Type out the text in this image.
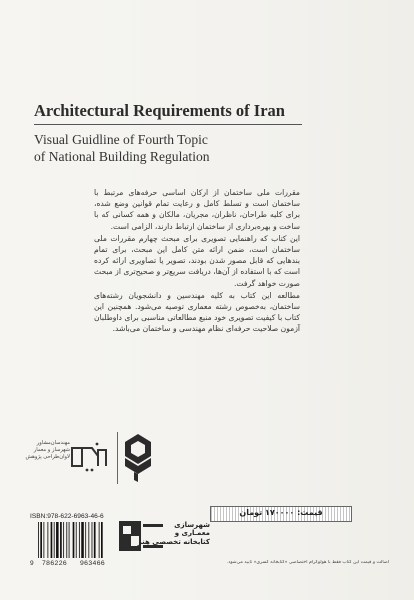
Architectural Requirements of Iran
Visual Guidline of Fourth Topic
of National Building Regulation

مقررات ملی ساختمان از ارکان اساسی حرفه‌های مرتبط با ساختمان است و تسلط کامل و رعایت تمام قوانین وضع شده، برای کلیه طراحان، ناظران، مجریان، مالکان و همه کسانی که با ساخت و بهره‌برداری از ساختمان ارتباط دارند، الزامی است.

این کتاب که راهنمایی تصویری برای مبحث چهارم مقررات ملی ساختمان است، ضمن ارائه متن کامل این مبحث، برای تمام بندهایی که قابل مصور شدن بودند، تصویر یا تصاویری ارائه کرده است که با استفاده از آن‌ها، دریافت سریع‌تر و صحیح‌تری از مبحث صورت خواهد گرفت.

مطالعه این کتاب به کلیه مهندسین و دانشجویان رشته‌های ساختمان، به‌خصوص رشته معماری توصیه می‌شود. همچنین این کتاب با کیفیت تصویری خود منبع مطالعاتی مناسبی برای داوطلبان آزمون صلاحیت حرفه‌ای نظام مهندسی و ساختمان می‌باشد.

مهندسان‌مشاور
شهرساز و معمار
لاوان‌طراحی پژوهش
قیمت: ۱۷۰۰۰۰ تومان
ISBN:978-622-6963-46-6
9 786226 963466
شهرسازی
معمـاری و
کتابخانه تخصصی هنر
اصالت و قیمت این کتاب فقط با هولوگرام اختصاصی «کتابخانه کسری» تأیید می‌شود.
